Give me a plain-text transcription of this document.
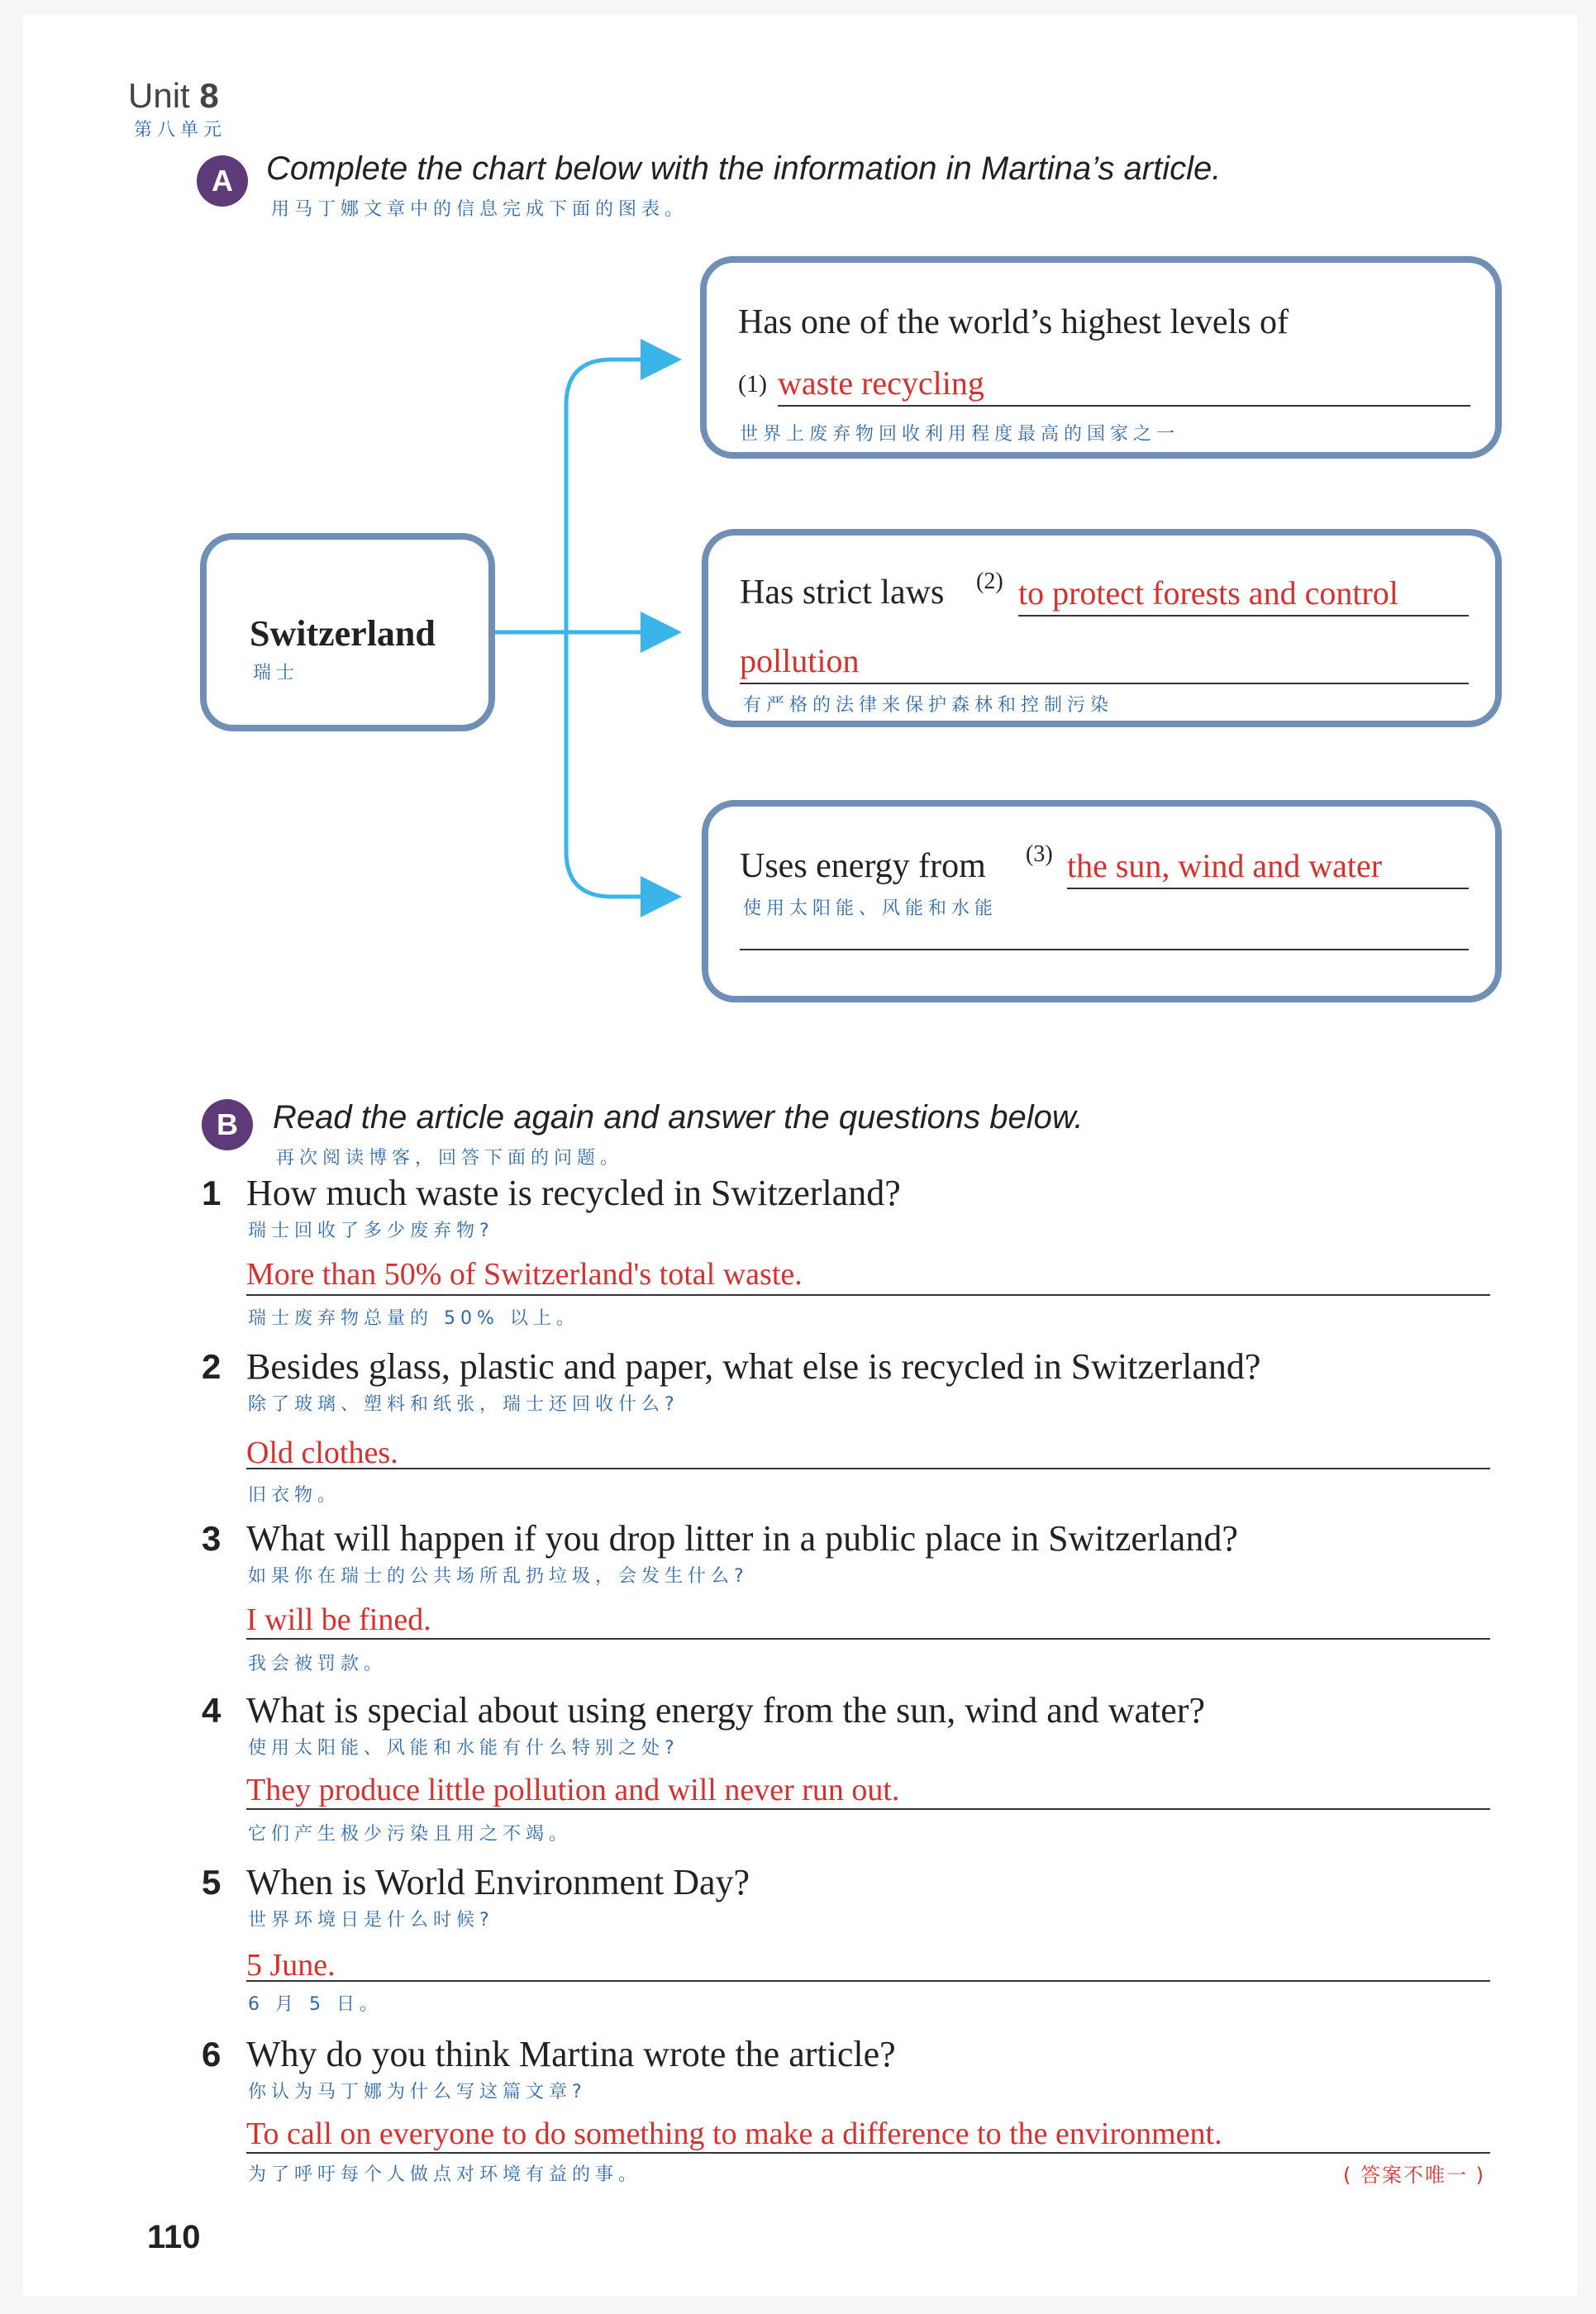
Unit 8
第八单元
A	Complete the chart below with the information in Martina’s article.
用马丁娜文章中的信息完成下面的图表。
Switzerland
瑞士
Has one of the world’s highest levels of
(1) waste recycling
世界上废弃物回收利用程度最高的国家之一
Has strict laws (2) to protect forests and control
pollution
有严格的法律来保护森林和控制污染
Uses energy from (3) the sun, wind and water
使用太阳能、风能和水能
B	Read the article again and answer the questions below.
再次阅读博客，回答下面的问题。
1 How much waste is recycled in Switzerland?
瑞士回收了多少废弃物?
More than 50% of Switzerland's total waste.
瑞士废弃物总量的 50% 以上。
2 Besides glass, plastic and paper, what else is recycled in Switzerland?
除了玻璃、塑料和纸张，瑞士还回收什么?
Old clothes.
旧衣物。
3 What will happen if you drop litter in a public place in Switzerland?
如果你在瑞士的公共场所乱扔垃圾，会发生什么?
I will be fined.
我会被罚款。
4 What is special about using energy from the sun, wind and water?
使用太阳能、风能和水能有什么特别之处?
They produce little pollution and will never run out.
它们产生极少污染且用之不竭。
5 When is World Environment Day?
世界环境日是什么时候?
5 June.
6 月 5 日。
6 Why do you think Martina wrote the article?
你认为马丁娜为什么写这篇文章?
To call on everyone to do something to make a difference to the environment.
为了呼吁每个人做点对环境有益的事。	( 答案不唯一 )
110
